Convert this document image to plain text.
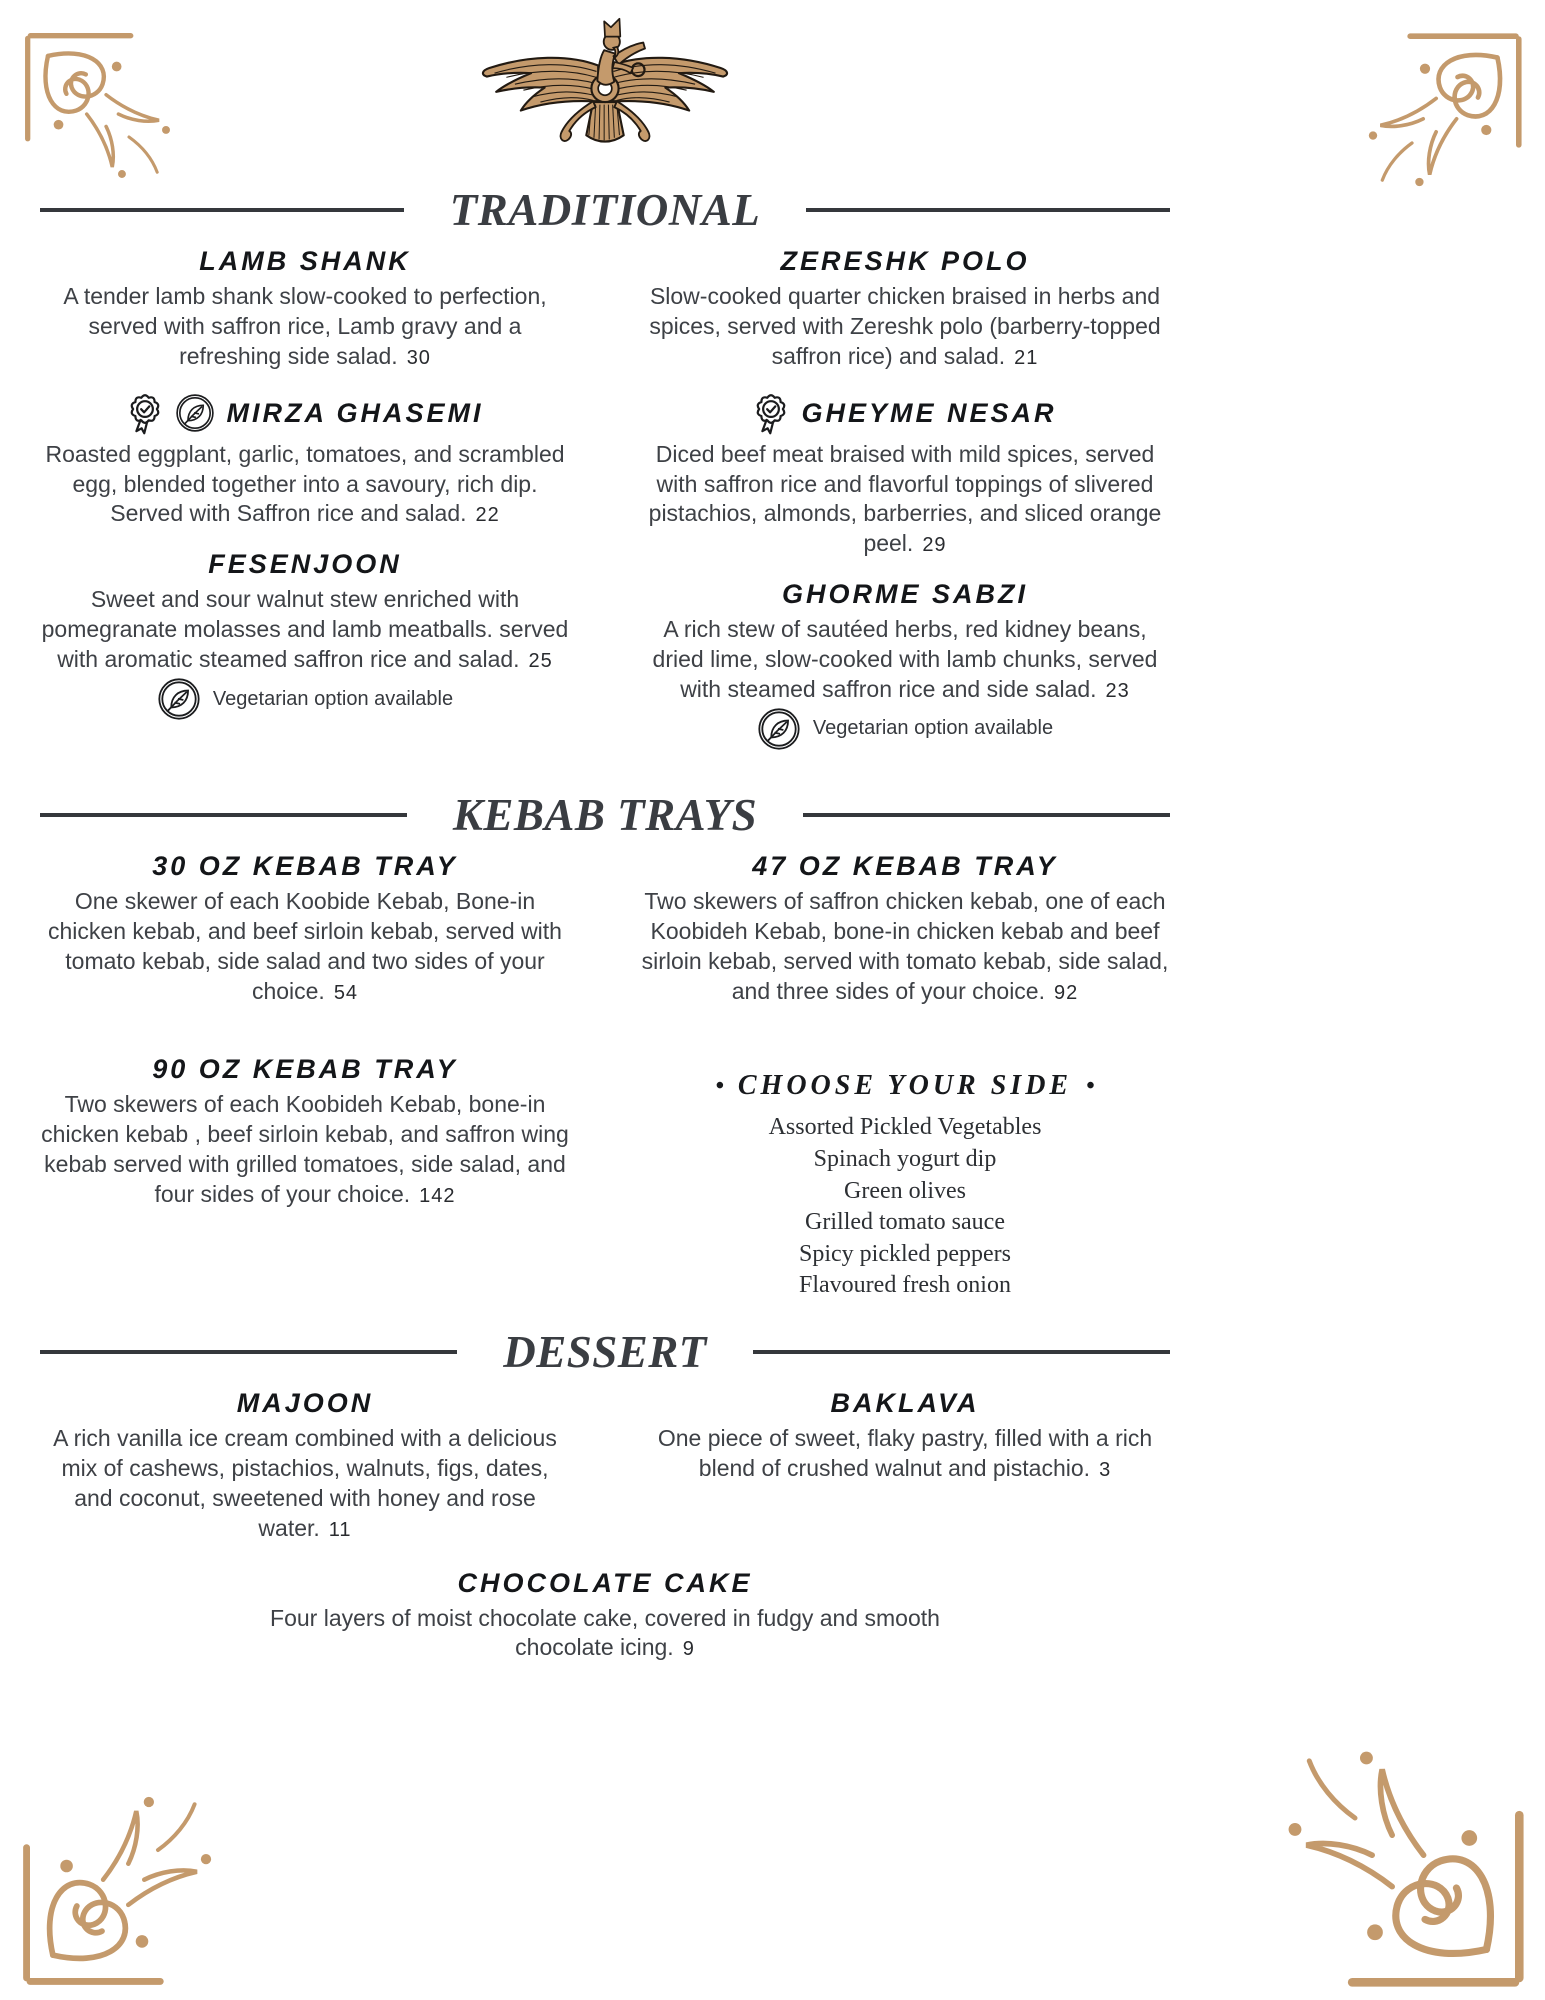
TRADITIONAL
LAMB SHANK

A tender lamb shank slow-cooked to perfection, served with saffron rice, Lamb gravy and a refreshing side salad. 30

MIRZA GHASEMI

Roasted eggplant, garlic, tomatoes, and scrambled egg, blended together into a savoury, rich dip. Served with Saffron rice and salad. 22

FESENJOON

Sweet and sour walnut stew enriched with pomegranate molasses and lamb meatballs. served with aromatic steamed saffron rice and salad. 25

Vegetarian option available
ZERESHK POLO

Slow-cooked quarter chicken braised in herbs and spices, served with Zereshk polo (barberry-topped saffron rice) and salad. 21

GHEYME NESAR

Diced beef meat braised with mild spices, served with saffron rice and flavorful toppings of slivered pistachios, almonds, barberries, and sliced orange peel. 29

GHORME SABZI

A rich stew of sautéed herbs, red kidney beans, dried lime, slow-cooked with lamb chunks, served with steamed saffron rice and side salad. 23

Vegetarian option available
KEBAB TRAYS
30 OZ KEBAB TRAY

One skewer of each Koobide Kebab, Bone-in chicken kebab, and beef sirloin kebab, served with tomato kebab, side salad and two sides of your choice. 54

90 OZ KEBAB TRAY

Two skewers of each Koobideh Kebab, bone-in chicken kebab , beef sirloin kebab, and saffron wing kebab served with grilled tomatoes, side salad, and four sides of your choice. 142

47 OZ KEBAB TRAY

Two skewers of saffron chicken kebab, one of each Koobideh Kebab, bone-in chicken kebab and beef sirloin kebab, served with tomato kebab, side salad, and three sides of your choice. 92

• CHOOSE YOUR SIDE •
Assorted Pickled Vegetables
Spinach yogurt dip
Green olives
Grilled tomato sauce
Spicy pickled peppers
Flavoured fresh onion
DESSERT
MAJOON

A rich vanilla ice cream combined with a delicious mix of cashews, pistachios, walnuts, figs, dates, and coconut, sweetened with honey and rose water. 11

BAKLAVA

One piece of sweet, flaky pastry, filled with a rich blend of crushed walnut and pistachio. 3

CHOCOLATE CAKE

Four layers of moist chocolate cake, covered in fudgy and smooth chocolate icing. 9
